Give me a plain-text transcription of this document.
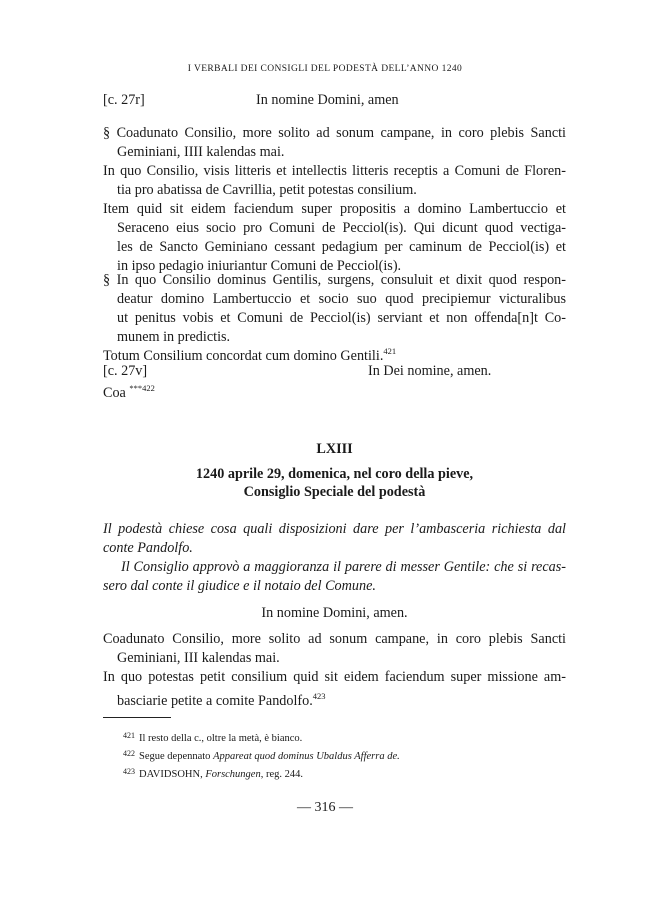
I VERBALI DEI CONSIGLI DEL PODESTÀ DELL’ANNO 1240
[c. 27r]	In nomine Domini, amen
§ Coadunato Consilio, more solito ad sonum campane, in coro plebis Sancti
Geminiani, IIII kalendas mai.
In quo Consilio, visis litteris et intellectis litteris receptis a Comuni de Floren-
tia pro abatissa de Cavrillia, petit potestas consilium.
Item quid sit eidem faciendum super propositis a domino Lambertuccio et
Seraceno eius socio pro Comuni de Pecciol(is). Qui dicunt quod vectiga-
les de Sancto Geminiano cessant pedagium per caminum de Pecciol(is) et
in ipso pedagio iniuriantur Comuni de Pecciol(is).
§ In quo Consilio dominus Gentilis, surgens, consuluit et dixit quod respon-
deatur domino Lambertuccio et socio suo quod precipiemur victuralibus
ut penitus vobis et Comuni de Pecciol(is) serviant et non offenda[n]t Co-
munem in predictis.
Totum Consilium concordat cum domino Gentili.$^{421}$
[c. 27v]	In Dei nomine, amen.
Coa $^{***422}$
LXIII
1240 aprile 29, domenica, nel coro della pieve,
Consiglio Speciale del podestà
Il podestà chiese cosa quali disposizioni dare per l’ambasceria richiesta dal
conte Pandolfo.
Il Consiglio approvò a maggioranza il parere di messer Gentile: che si recas-
sero dal conte il giudice e il notaio del Comune.
In nomine Domini, amen.
Coadunato Consilio, more solito ad sonum campane, in coro plebis Sancti
Geminiani, III kalendas mai.
In quo potestas petit consilium quid sit eidem faciendum super missione am-
basciarie petite a comite Pandolfo.$^{423}$
$^{421}$ Il resto della c., oltre la metà, è bianco.
$^{422}$ Segue depennato Appareat quod dominus Ubaldus Afferra de.
$^{423}$ DAVIDSOHN, Forschungen, reg. 244.
— 316 —
